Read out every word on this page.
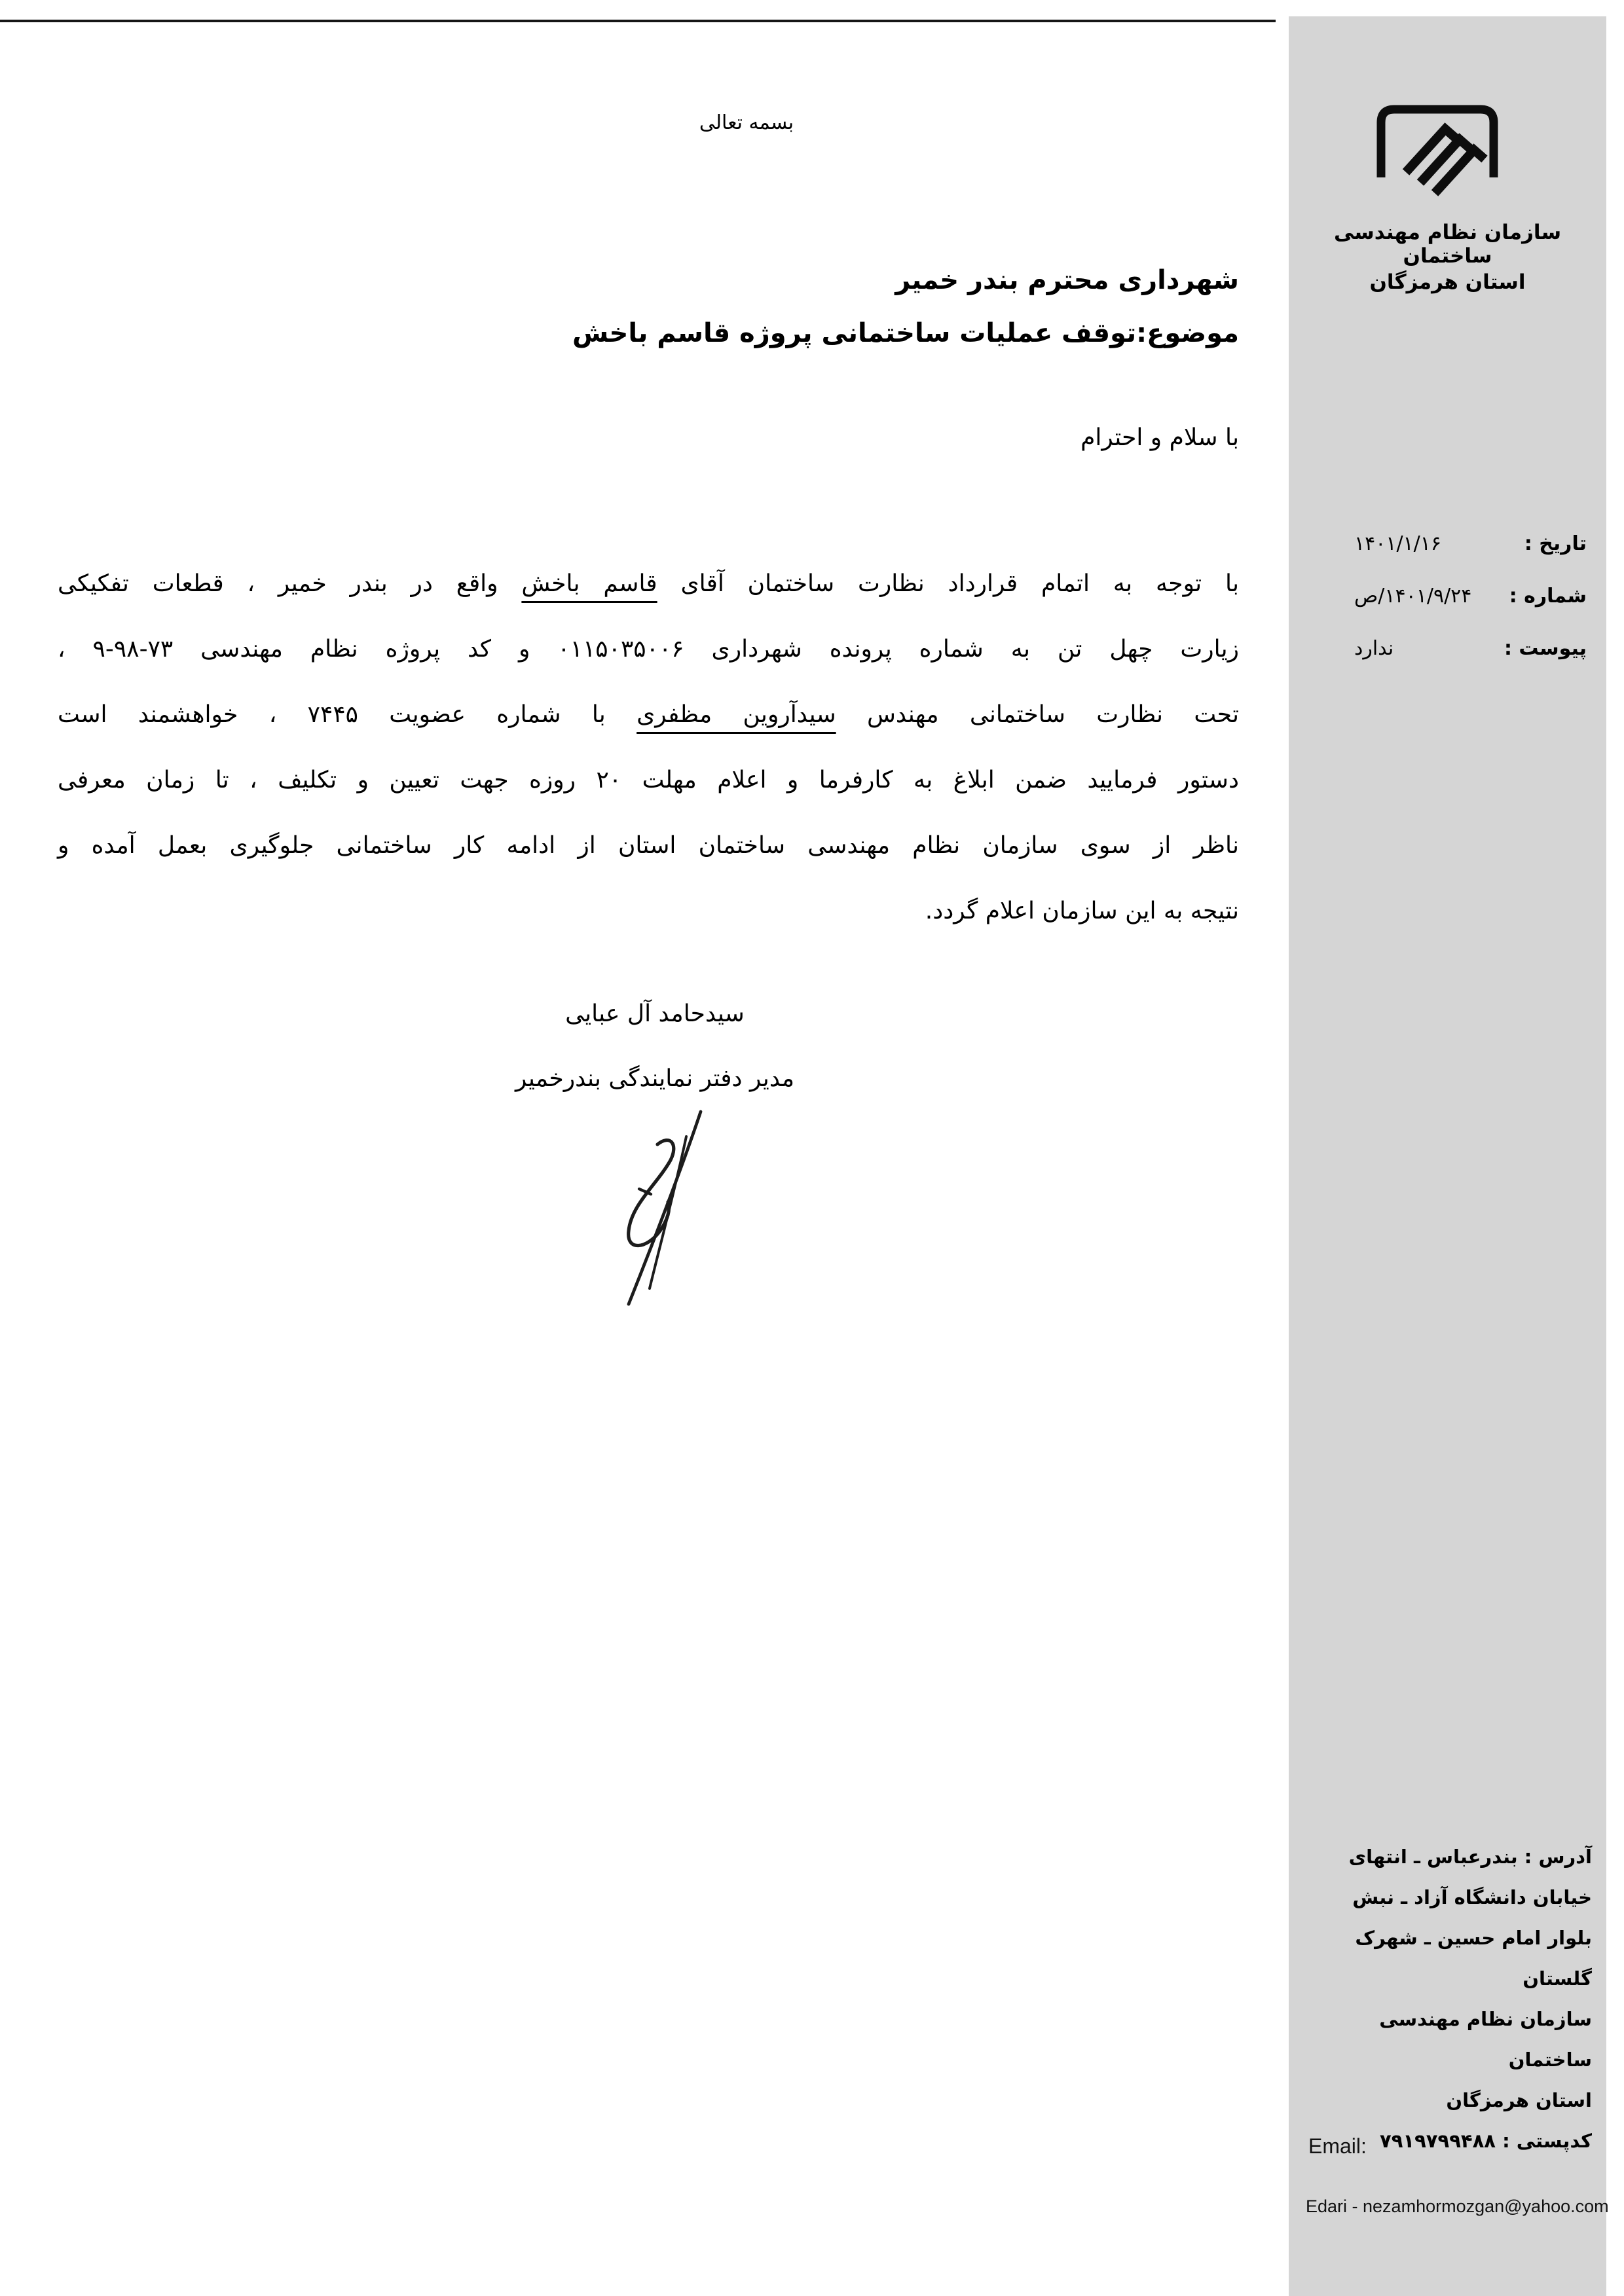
بسمه تعالی
شهرداری محترم بندر خمیر
موضوع:توقف عملیات ساختمانی پروژه قاسم باخش
با سلام و احترام
با توجه به اتمام قرارداد نظارت ساختمان آقای قاسم باخش واقع در بندر خمیر ، قطعات تفکیکی
زیارت چهل تن به شماره پرونده شهرداری ۰۱۱۵۰۳۵۰۰۶ و کد پروژه نظام مهندسی ۷۳-۹۸-۹ ،
تحت نظارت ساختمانی مهندس سیدآروین مظفری با شماره عضویت ۷۴۴۵ ، خواهشمند است
دستور فرمایید ضمن ابلاغ به کارفرما و اعلام مهلت ۲۰ روزه جهت تعیین و تکلیف ، تا زمان معرفی
ناظر از سوی سازمان نظام مهندسی ساختمان استان از ادامه کار ساختمانی جلوگیری بعمل آمده و
نتیجه به این سازمان اعلام گردد.
سیدحامد آل عبایی
مدیر دفتر نمایندگی بندرخمیر
سازمان نظام مهندسی ساختمان
استان هرمزگان
تاریخ :
۱۴۰۱/۱/۱۶
شماره :
۱۴۰۱/۹/۲۴/ص
پیوست :
ندارد
آدرس : بندرعباس ـ انتهای
خیابان دانشگاه آزاد ـ نبش
بلوار امام حسین ـ شهرک
گلستان
سازمان نظام مهندسی ساختمان
استان هرمزگان
کدپستی : ۷۹۱۹۷۹۹۴۸۸
Email:
Edari - nezamhormozgan@yahoo.com
